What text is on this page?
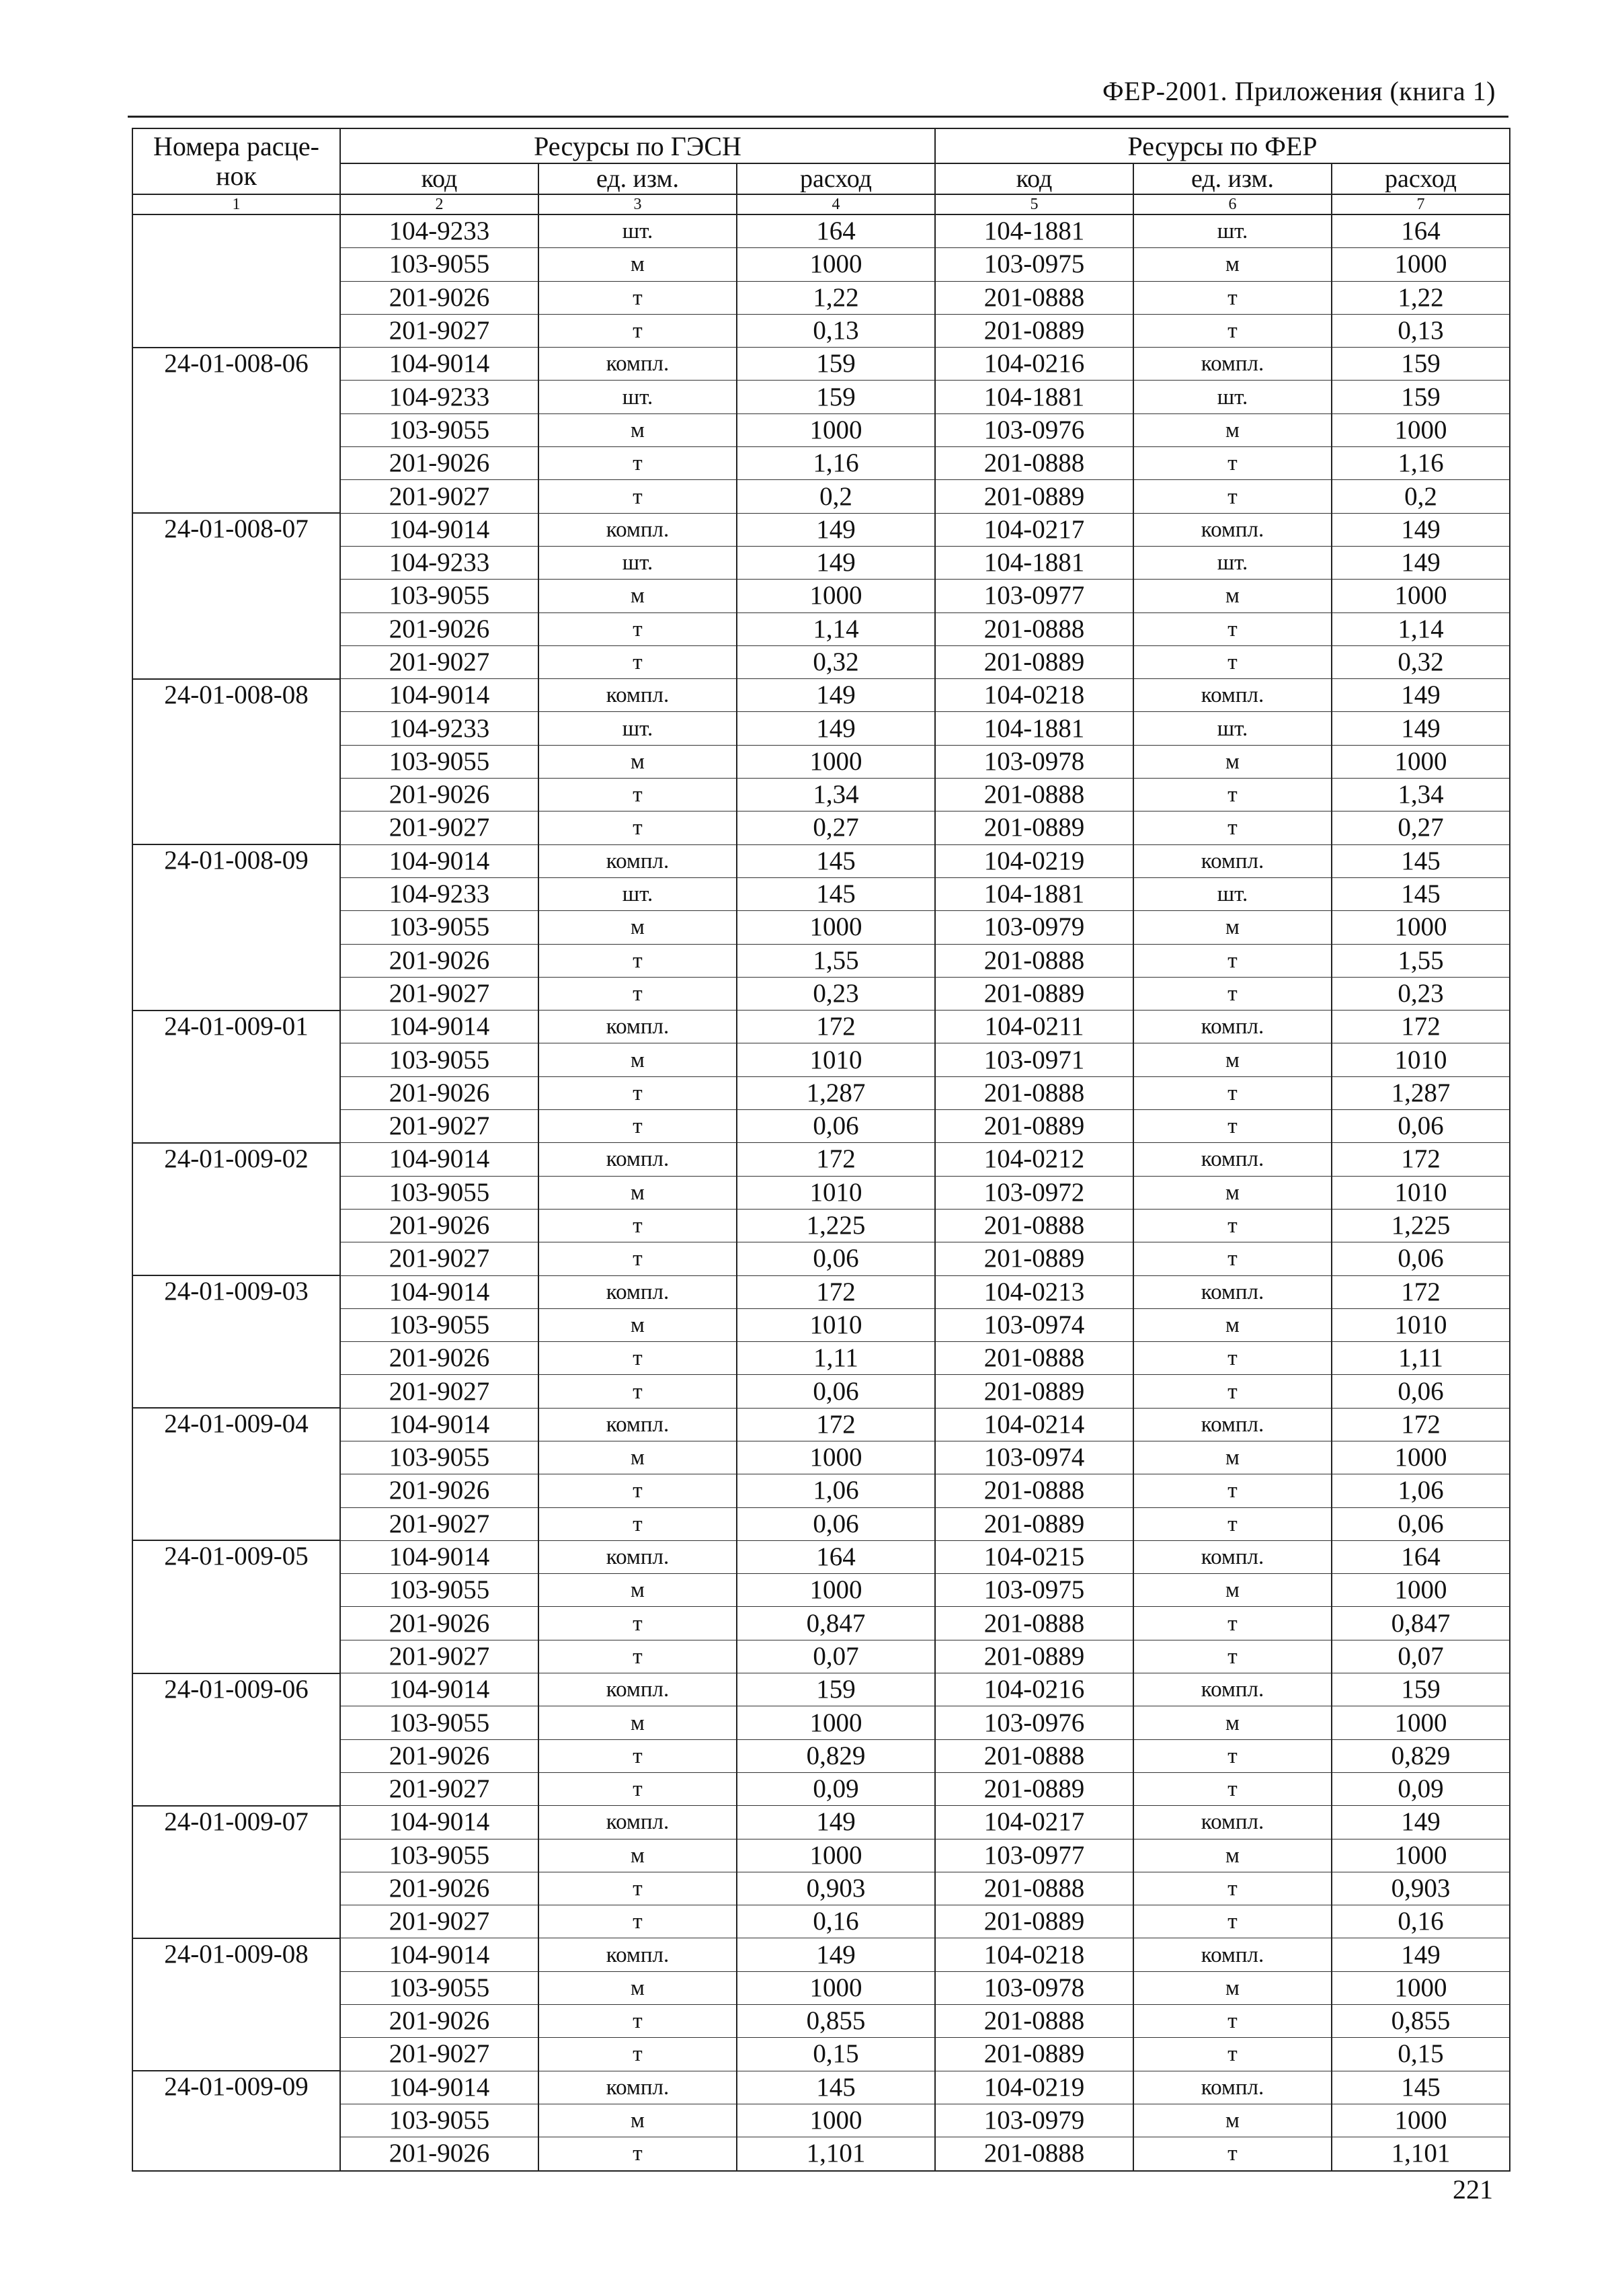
ФЕР-2001. Приложения (книга 1)
Номера расце-нок	Ресурсы по ГЭСН			Ресурсы по ФЕР		
	код	ед. изм.	расход	код	ед. изм.	расход
1	2	3	4	5	6	7
	104-9233	шт.	164	104-1881	шт.	164
	103-9055	м	1000	103-0975	м	1000
	201-9026	т	1,22	201-0888	т	1,22
	201-9027	т	0,13	201-0889	т	0,13
24-01-008-06	104-9014	компл.	159	104-0216	компл.	159
	104-9233	шт.	159	104-1881	шт.	159
	103-9055	м	1000	103-0976	м	1000
	201-9026	т	1,16	201-0888	т	1,16
	201-9027	т	0,2	201-0889	т	0,2
24-01-008-07	104-9014	компл.	149	104-0217	компл.	149
	104-9233	шт.	149	104-1881	шт.	149
	103-9055	м	1000	103-0977	м	1000
	201-9026	т	1,14	201-0888	т	1,14
	201-9027	т	0,32	201-0889	т	0,32
24-01-008-08	104-9014	компл.	149	104-0218	компл.	149
	104-9233	шт.	149	104-1881	шт.	149
	103-9055	м	1000	103-0978	м	1000
	201-9026	т	1,34	201-0888	т	1,34
	201-9027	т	0,27	201-0889	т	0,27
24-01-008-09	104-9014	компл.	145	104-0219	компл.	145
	104-9233	шт.	145	104-1881	шт.	145
	103-9055	м	1000	103-0979	м	1000
	201-9026	т	1,55	201-0888	т	1,55
	201-9027	т	0,23	201-0889	т	0,23
24-01-009-01	104-9014	компл.	172	104-0211	компл.	172
	103-9055	м	1010	103-0971	м	1010
	201-9026	т	1,287	201-0888	т	1,287
	201-9027	т	0,06	201-0889	т	0,06
24-01-009-02	104-9014	компл.	172	104-0212	компл.	172
	103-9055	м	1010	103-0972	м	1010
	201-9026	т	1,225	201-0888	т	1,225
	201-9027	т	0,06	201-0889	т	0,06
24-01-009-03	104-9014	компл.	172	104-0213	компл.	172
	103-9055	м	1010	103-0974	м	1010
	201-9026	т	1,11	201-0888	т	1,11
	201-9027	т	0,06	201-0889	т	0,06
24-01-009-04	104-9014	компл.	172	104-0214	компл.	172
	103-9055	м	1000	103-0974	м	1000
	201-9026	т	1,06	201-0888	т	1,06
	201-9027	т	0,06	201-0889	т	0,06
24-01-009-05	104-9014	компл.	164	104-0215	компл.	164
	103-9055	м	1000	103-0975	м	1000
	201-9026	т	0,847	201-0888	т	0,847
	201-9027	т	0,07	201-0889	т	0,07
24-01-009-06	104-9014	компл.	159	104-0216	компл.	159
	103-9055	м	1000	103-0976	м	1000
	201-9026	т	0,829	201-0888	т	0,829
	201-9027	т	0,09	201-0889	т	0,09
24-01-009-07	104-9014	компл.	149	104-0217	компл.	149
	103-9055	м	1000	103-0977	м	1000
	201-9026	т	0,903	201-0888	т	0,903
	201-9027	т	0,16	201-0889	т	0,16
24-01-009-08	104-9014	компл.	149	104-0218	компл.	149
	103-9055	м	1000	103-0978	м	1000
	201-9026	т	0,855	201-0888	т	0,855
	201-9027	т	0,15	201-0889	т	0,15
24-01-009-09	104-9014	компл.	145	104-0219	компл.	145
	103-9055	м	1000	103-0979	м	1000
	201-9026	т	1,101	201-0888	т	1,101
221
